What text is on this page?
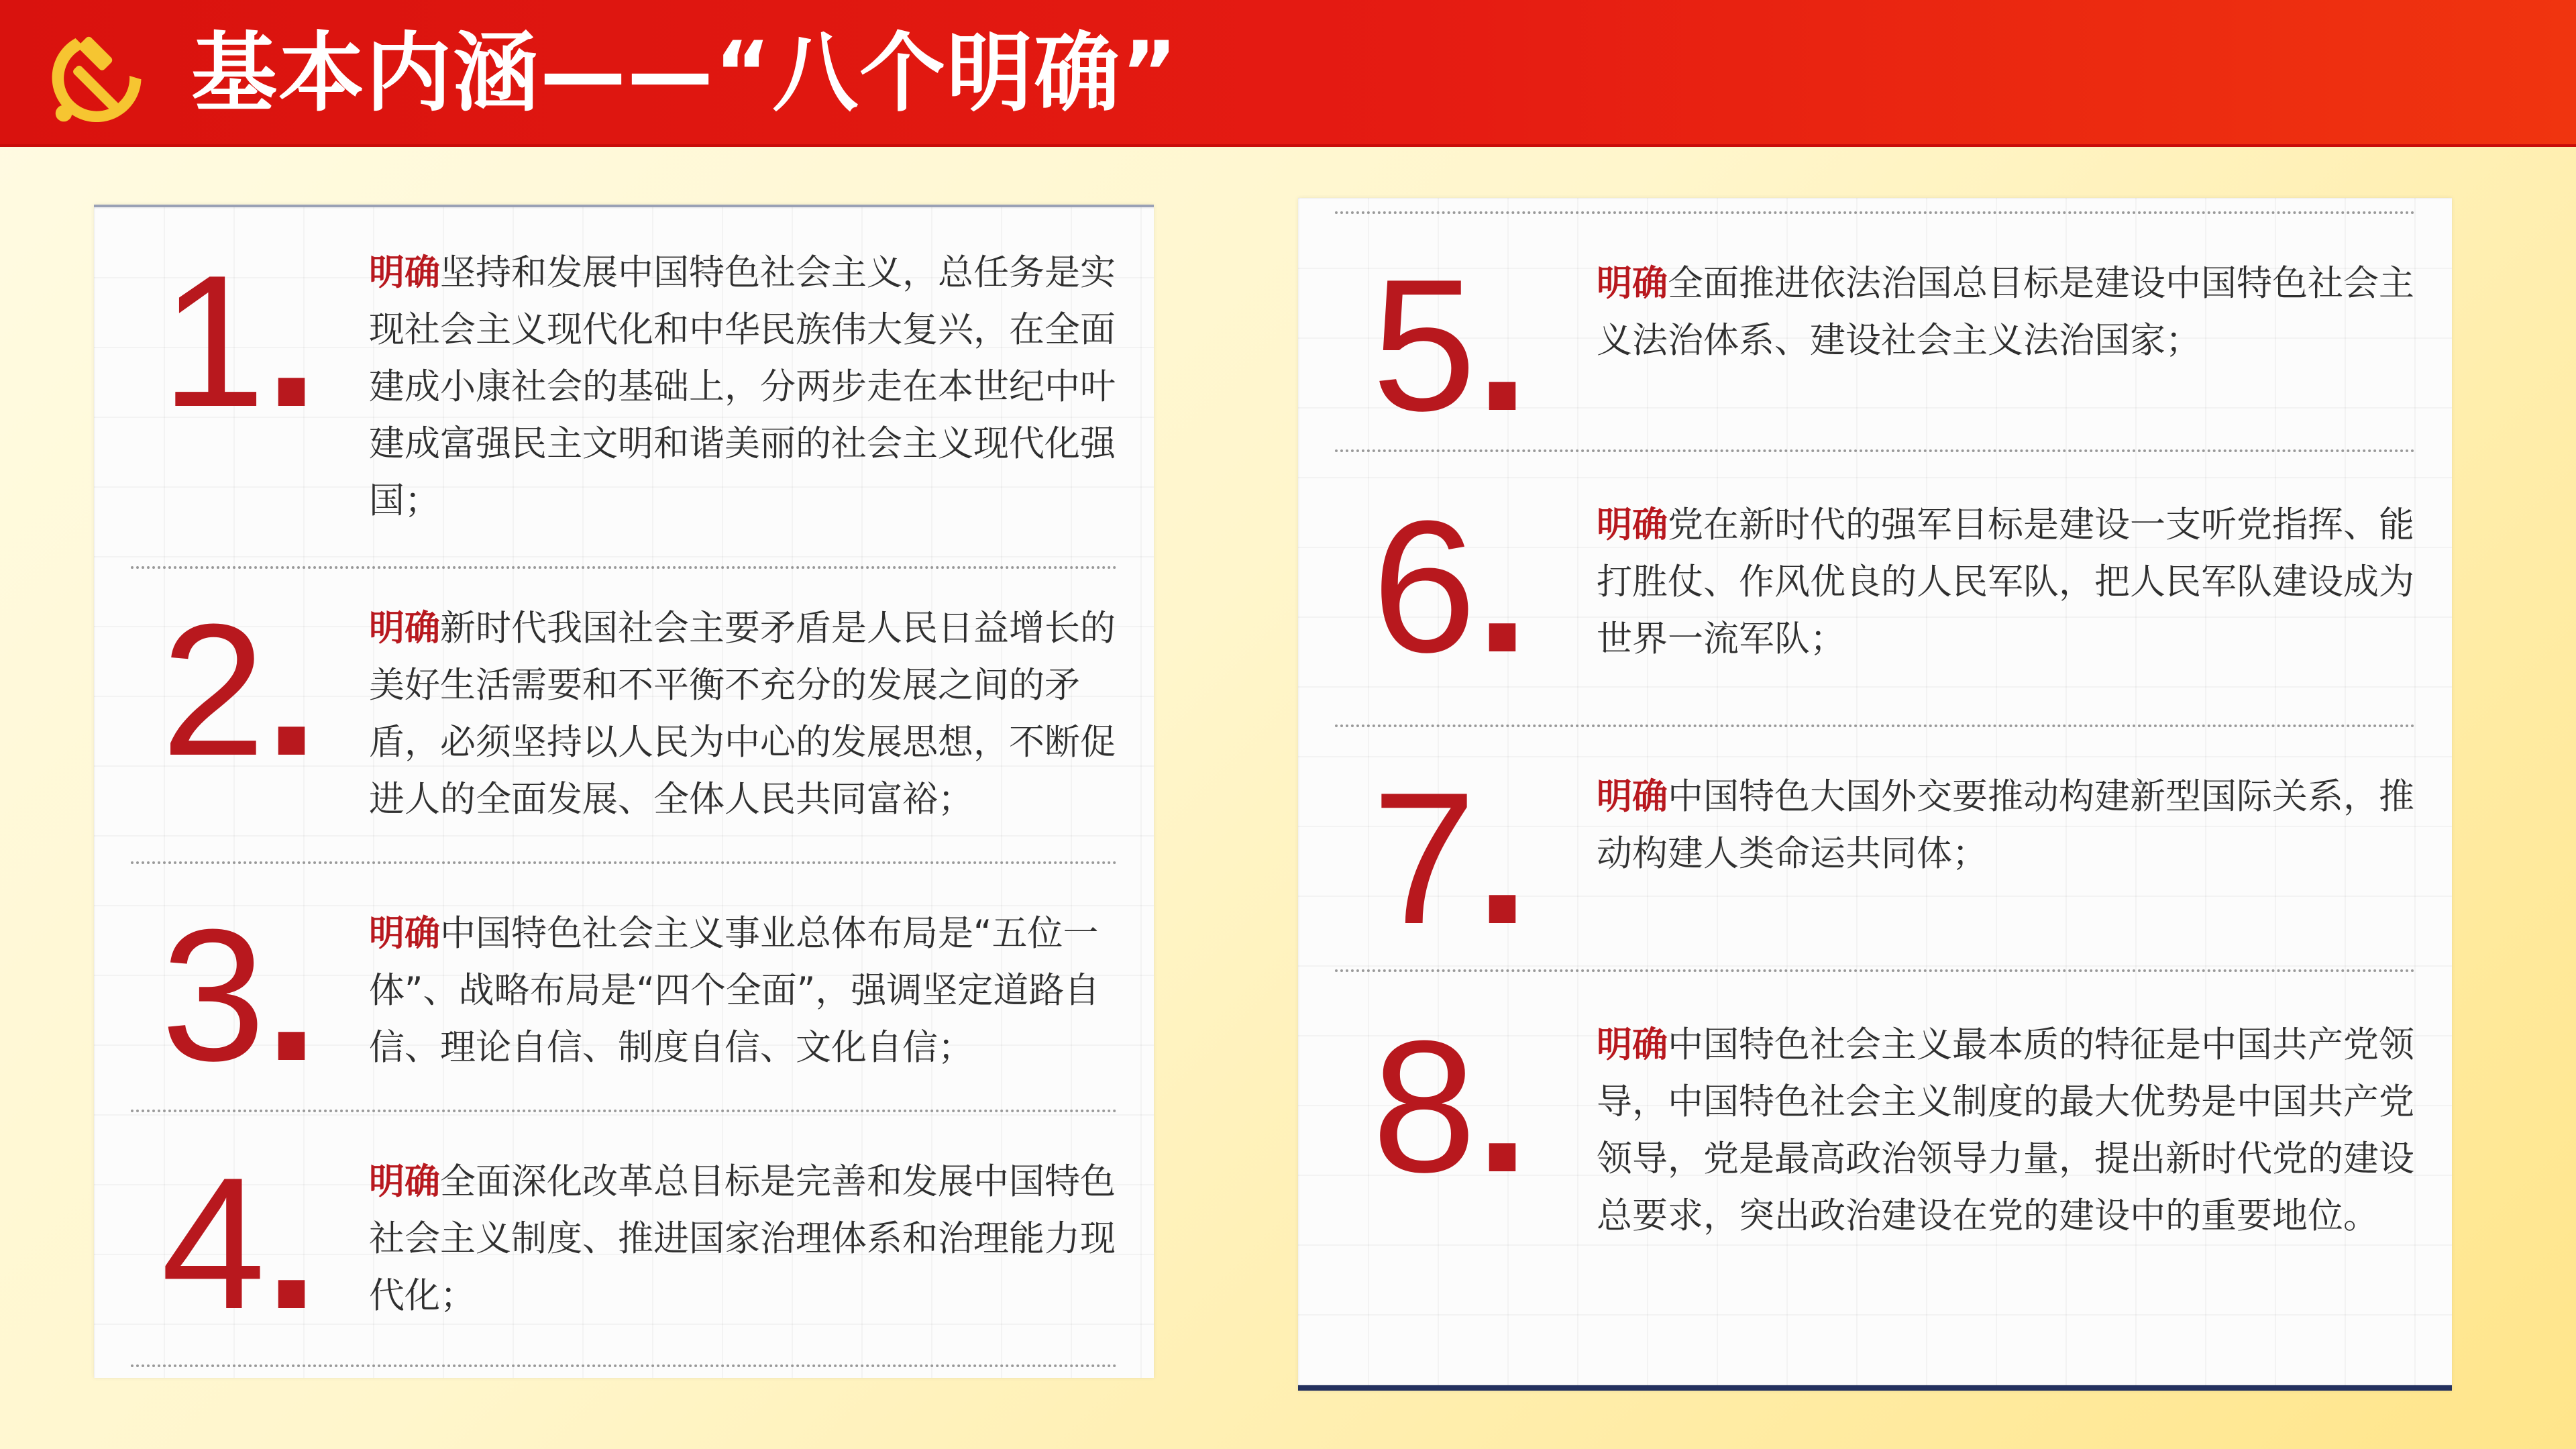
基本内涵——“八个明确”
1. 明确坚持和发展中国特色社会主义，总任务是实现社会主义现代化和中华民族伟大复兴，在全面建成小康社会的基础上，分两步走在本世纪中叶建成富强民主文明和谐美丽的社会主义现代化强国；
2. 明确新时代我国社会主要矛盾是人民日益增长的美好生活需要和不平衡不充分的发展之间的矛盾，必须坚持以人民为中心的发展思想，不断促进人的全面发展、全体人民共同富裕；
3. 明确中国特色社会主义事业总体布局是“五位一体”、战略布局是“四个全面”，强调坚定道路自信、理论自信、制度自信、文化自信；
4. 明确全面深化改革总目标是完善和发展中国特色社会主义制度、推进国家治理体系和治理能力现代化；
5. 明确全面推进依法治国总目标是建设中国特色社会主义法治体系、建设社会主义法治国家；
6. 明确党在新时代的强军目标是建设一支听党指挥、能打胜仗、作风优良的人民军队，把人民军队建设成为世界一流军队；
7. 明确中国特色大国外交要推动构建新型国际关系，推动构建人类命运共同体；
8. 明确中国特色社会主义最本质的特征是中国共产党领导，中国特色社会主义制度的最大优势是中国共产党领导，党是最高政治领导力量，提出新时代党的建设总要求，突出政治建设在党的建设中的重要地位。
